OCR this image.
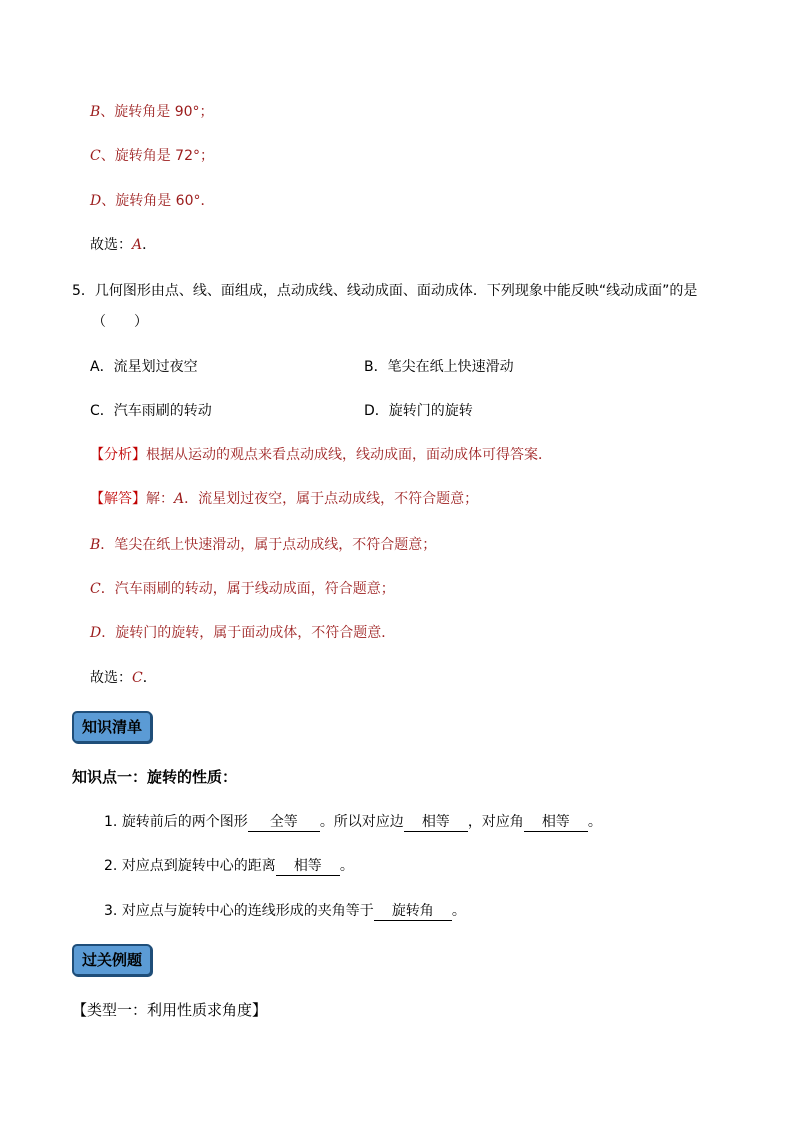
B、旋转角是 90°；
C、旋转角是 72°；
D、旋转角是 60°．
故选：A．
5．几何图形由点、线、面组成，点动成线、线动成面、面动成体．下列现象中能反映“线动成面”的是
（　　）
A．流星划过夜空	B．笔尖在纸上快速滑动
C．汽车雨刷的转动	D．旋转门的旋转
【分析】根据从运动的观点来看点动成线，线动成面，面动成体可得答案．
【解答】解：A．流星划过夜空，属于点动成线，不符合题意；
B．笔尖在纸上快速滑动，属于点动成线，不符合题意；
C．汽车雨刷的转动，属于线动成面，符合题意；
D．旋转门的旋转，属于面动成体，不符合题意．
故选：C．
知识清单
知识点一：旋转的性质：
1. 旋转前后的两个图形 全等 。所以对应边 相等 ，对应角 相等 。
2. 对应点到旋转中心的距离 相等 。
3. 对应点与旋转中心的连线形成的夹角等于 旋转角 。
过关例题
【类型一：利用性质求角度】
